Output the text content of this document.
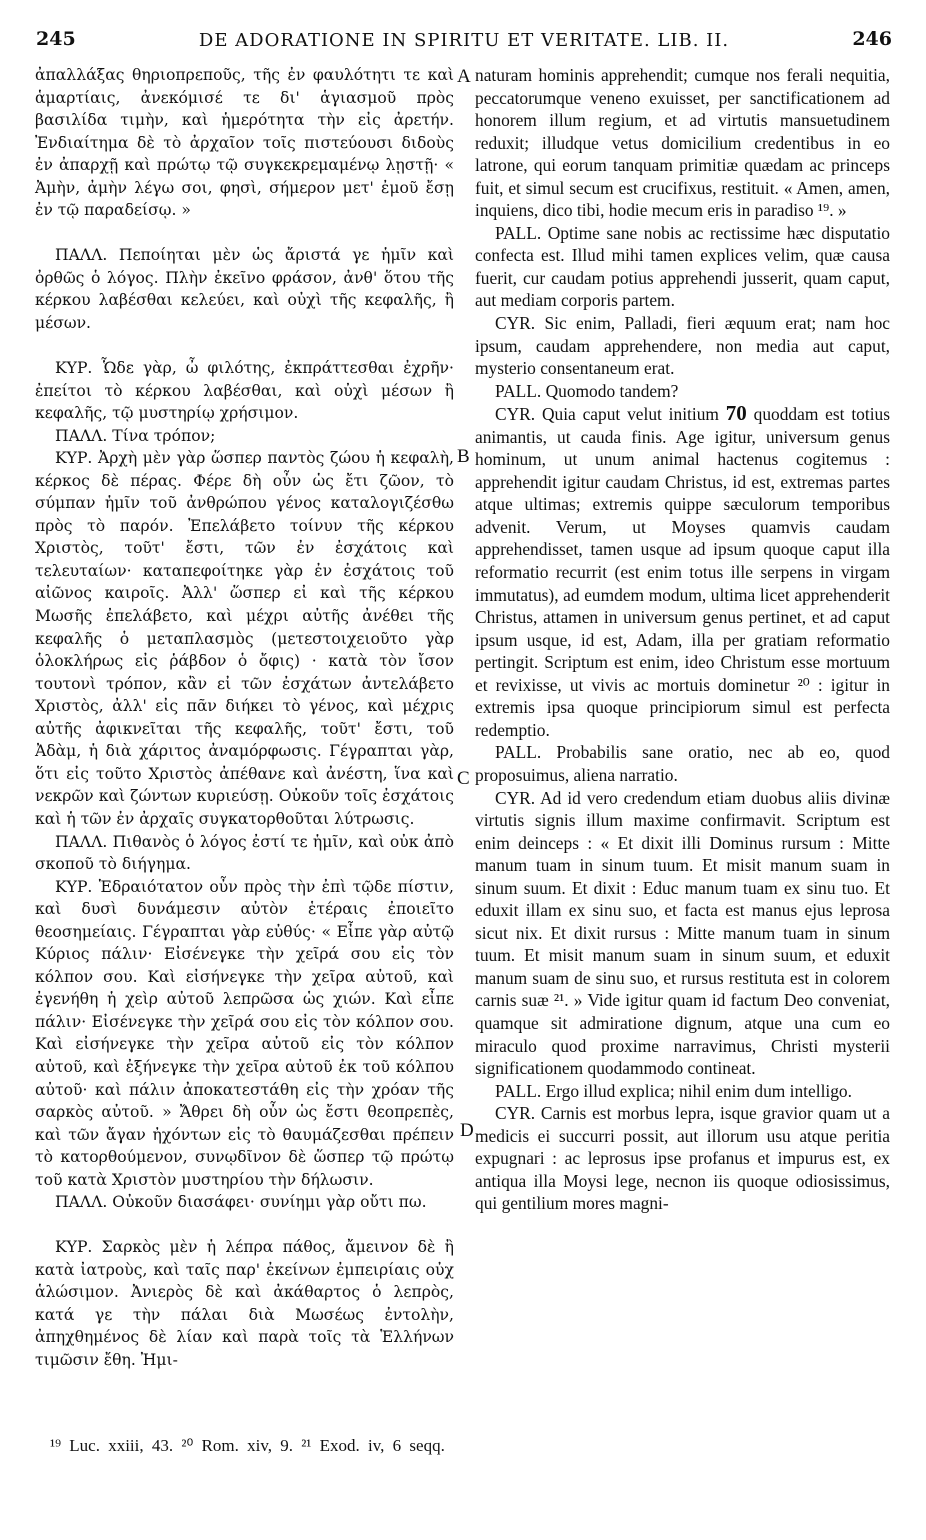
245	DE ADORATIONE IN SPIRITU ET VERITATE. LIB. II.	246

ἀπαλλάξας θηριοπρεποῦς, τῆς ἐν φαυλότητι τε καὶ ἁμαρτίαις, ἀνεκόμισέ τε δι' ἁγιασμοῦ πρὸς βασιλίδα τιμὴν, καὶ ἡμερότητα τὴν εἰς ἀρετήν. Ἐνδιαίτημα δὲ τὸ ἀρχαῖον τοῖς πιστεύουσι διδοὺς ἐν ἀπαρχῇ καὶ πρώτῳ τῷ συγκεκρεμαμένῳ λῃστῇ· « Ἀμὴν, ἀμὴν λέγω σοι, φησὶ, σήμερον μετ' ἐμοῦ ἔσῃ ἐν τῷ παραδείσῳ. »

ΠΑΛΛ. Πεποίηται μὲν ὡς ἄριστά γε ἡμῖν καὶ ὀρθῶς ὁ λόγος. Πλὴν ἐκεῖνο φράσον, ἀνθ' ὅτου τῆς κέρκου λαβέσθαι κελεύει, καὶ οὐχὶ τῆς κεφαλῆς, ἢ μέσων.

ΚΥΡ. Ὧδε γὰρ, ὦ φιλότης, ἐκπράττεσθαι ἐχρῆν· ἐπείτοι τὸ κέρκου λαβέσθαι, καὶ οὐχὶ μέσων ἢ κεφαλῆς, τῷ μυστηρίῳ χρήσιμον.

ΠΑΛΛ. Τίνα τρόπον;

ΚΥΡ. Ἀρχὴ μὲν γὰρ ὥσπερ παντὸς ζώου ἡ κεφαλὴ, κέρκος δὲ πέρας. Φέρε δὴ οὖν ὡς ἔτι ζῶον, τὸ σύμπαν ἡμῖν τοῦ ἀνθρώπου γένος καταλογιζέσθω πρὸς τὸ παρόν. Ἐπελάβετο τοίνυν τῆς κέρκου Χριστὸς, τοῦτ' ἔστι, τῶν ἐν ἐσχάτοις καὶ τελευταίων· καταπεφοίτηκε γὰρ ἐν ἐσχάτοις τοῦ αἰῶνος καιροῖς. Ἀλλ' ὥσπερ εἰ καὶ τῆς κέρκου Μωσῆς ἐπελάβετο, καὶ μέχρι αὐτῆς ἀνέθει τῆς κεφαλῆς ὁ μεταπλασμὸς (μετεστοιχειοῦτο γὰρ ὁλοκλήρως εἰς ῥάβδον ὁ ὄφις) · κατὰ τὸν ἴσον τουτονὶ τρόπον, κἂν εἰ τῶν ἐσχάτων ἀντελάβετο Χριστὸς, ἀλλ' εἰς πᾶν διήκει τὸ γένος, καὶ μέχρις αὐτῆς ἀφικνεῖται τῆς κεφαλῆς, τοῦτ' ἔστι, τοῦ Ἀδὰμ, ἡ διὰ χάριτος ἀναμόρφωσις. Γέγραπται γὰρ, ὅτι εἰς τοῦτο Χριστὸς ἀπέθανε καὶ ἀνέστη, ἵνα καὶ νεκρῶν καὶ ζώντων κυριεύσῃ. Οὐκοῦν τοῖς ἐσχάτοις καὶ ἡ τῶν ἐν ἀρχαῖς συγκατορθοῦται λύτρωσις.

ΠΑΛΛ. Πιθανὸς ὁ λόγος ἐστί τε ἡμῖν, καὶ οὐκ ἀπὸ σκοποῦ τὸ διήγημα.

ΚΥΡ. Ἑδραιότατον οὖν πρὸς τὴν ἐπὶ τῷδε πίστιν, καὶ δυσὶ δυνάμεσιν αὐτὸν ἑτέραις ἐποιεῖτο θεοσημείαις. Γέγραπται γὰρ εὐθύς· « Εἶπε γὰρ αὐτῷ Κύριος πάλιν· Εἰσένεγκε τὴν χεῖρά σου εἰς τὸν κόλπον σου. Καὶ εἰσήνεγκε τὴν χεῖρα αὐτοῦ, καὶ ἐγενήθη ἡ χεὶρ αὐτοῦ λεπρῶσα ὡς χιών. Καὶ εἶπε πάλιν· Εἰσένεγκε τὴν χεῖρά σου εἰς τὸν κόλπον σου. Καὶ εἰσήνεγκε τὴν χεῖρα αὐτοῦ εἰς τὸν κόλπον αὐτοῦ, καὶ ἐξήνεγκε τὴν χεῖρα αὐτοῦ ἐκ τοῦ κόλπου αὐτοῦ· καὶ πάλιν ἀποκατεστάθη εἰς τὴν χρόαν τῆς σαρκὸς αὐτοῦ. » Ἄθρει δὴ οὖν ὡς ἔστι θεοπρεπὲς, καὶ τῶν ἄγαν ἠχόντων εἰς τὸ θαυμάζεσθαι πρέπειν τὸ κατορθούμενον, συνῳδῖνον δὲ ὥσπερ τῷ πρώτῳ τοῦ κατὰ Χριστὸν μυστηρίου τὴν δήλωσιν.

ΠΑΛΛ. Οὐκοῦν διασάφει· συνίημι γὰρ οὔτι πω.

ΚΥΡ. Σαρκὸς μὲν ἡ λέπρα πάθος, ἄμεινον δὲ ἢ κατὰ ἰατροὺς, καὶ ταῖς παρ' ἐκείνων ἐμπειρίαις οὐχ ἁλώσιμον. Ἀνιερὸς δὲ καὶ ἀκάθαρτος ὁ λεπρὸς, κατά γε τὴν πάλαι διὰ Μωσέως ἐντολὴν, ἀπηχθημένος δὲ λίαν καὶ παρὰ τοῖς τὰ Ἑλλήνων τιμῶσιν ἔθη. Ἠμι-

A
B
C
D

naturam hominis apprehendit; cumque nos ferali nequitia, peccatorumque veneno exuisset, per sanctificationem ad honorem illum regium, et ad virtutis mansuetudinem reduxit; illudque vetus domicilium credentibus in eo latrone, qui eorum tanquam primitiæ quædam ac princeps fuit, et simul secum est crucifixus, restituit. « Amen, amen, inquiens, dico tibi, hodie mecum eris in paradiso ¹⁹. »

PALL. Optime sane nobis ac rectissime hæc disputatio confecta est. Illud mihi tamen explices velim, quæ causa fuerit, cur caudam potius apprehendi jusserit, quam caput, aut mediam corporis partem.

CYR. Sic enim, Palladi, fieri æquum erat; nam hoc ipsum, caudam apprehendere, non media aut caput, mysterio consentaneum erat.

PALL. Quomodo tandem?

CYR. Quia caput velut initium 70 quoddam est totius animantis, ut cauda finis. Age igitur, universum genus hominum, ut unum animal hactenus cogitemus : apprehendit igitur caudam Christus, id est, extremas partes atque ultimas; extremis quippe sæculorum temporibus advenit. Verum, ut Moyses quamvis caudam apprehendisset, tamen usque ad ipsum quoque caput illa reformatio recurrit (est enim totus ille serpens in virgam immutatus), ad eumdem modum, ultima licet apprehenderit Christus, attamen in universum genus pertinet, et ad caput ipsum usque, id est, Adam, illa per gratiam reformatio pertingit. Scriptum est enim, ideo Christum esse mortuum et revixisse, ut vivis ac mortuis dominetur ²⁰ : igitur in extremis ipsa quoque principiorum simul est perfecta redemptio.

PALL. Probabilis sane oratio, nec ab eo, quod proposuimus, aliena narratio.

CYR. Ad id vero credendum etiam duobus aliis divinæ virtutis signis illum maxime confirmavit. Scriptum est enim deinceps : « Et dixit illi Dominus rursum : Mitte manum tuam in sinum tuum. Et misit manum suam in sinum suum. Et dixit : Educ manum tuam ex sinu tuo. Et eduxit illam ex sinu suo, et facta est manus ejus leprosa sicut nix. Et dixit rursus : Mitte manum tuam in sinum tuum. Et misit manum suam in sinum suum, et eduxit manum suam de sinu suo, et rursus restituta est in colorem carnis suæ ²¹. » Vide igitur quam id factum Deo conveniat, quamque sit admiratione dignum, atque una cum eo miraculo quod proxime narravimus, Christi mysterii significationem quodammodo contineat.

PALL. Ergo illud explica; nihil enim dum intelligo.

CYR. Carnis est morbus lepra, isque gravior quam ut a medicis ei succurri possit, aut illorum usu atque peritia expugnari : ac leprosus ipse profanus et impurus est, ex antiqua illa Moysi lege, necnon iis quoque odiosissimus, qui gentilium mores magni-

¹⁹ Luc. xxiii, 43. ²⁰ Rom. xiv, 9. ²¹ Exod. iv, 6 seqq.
